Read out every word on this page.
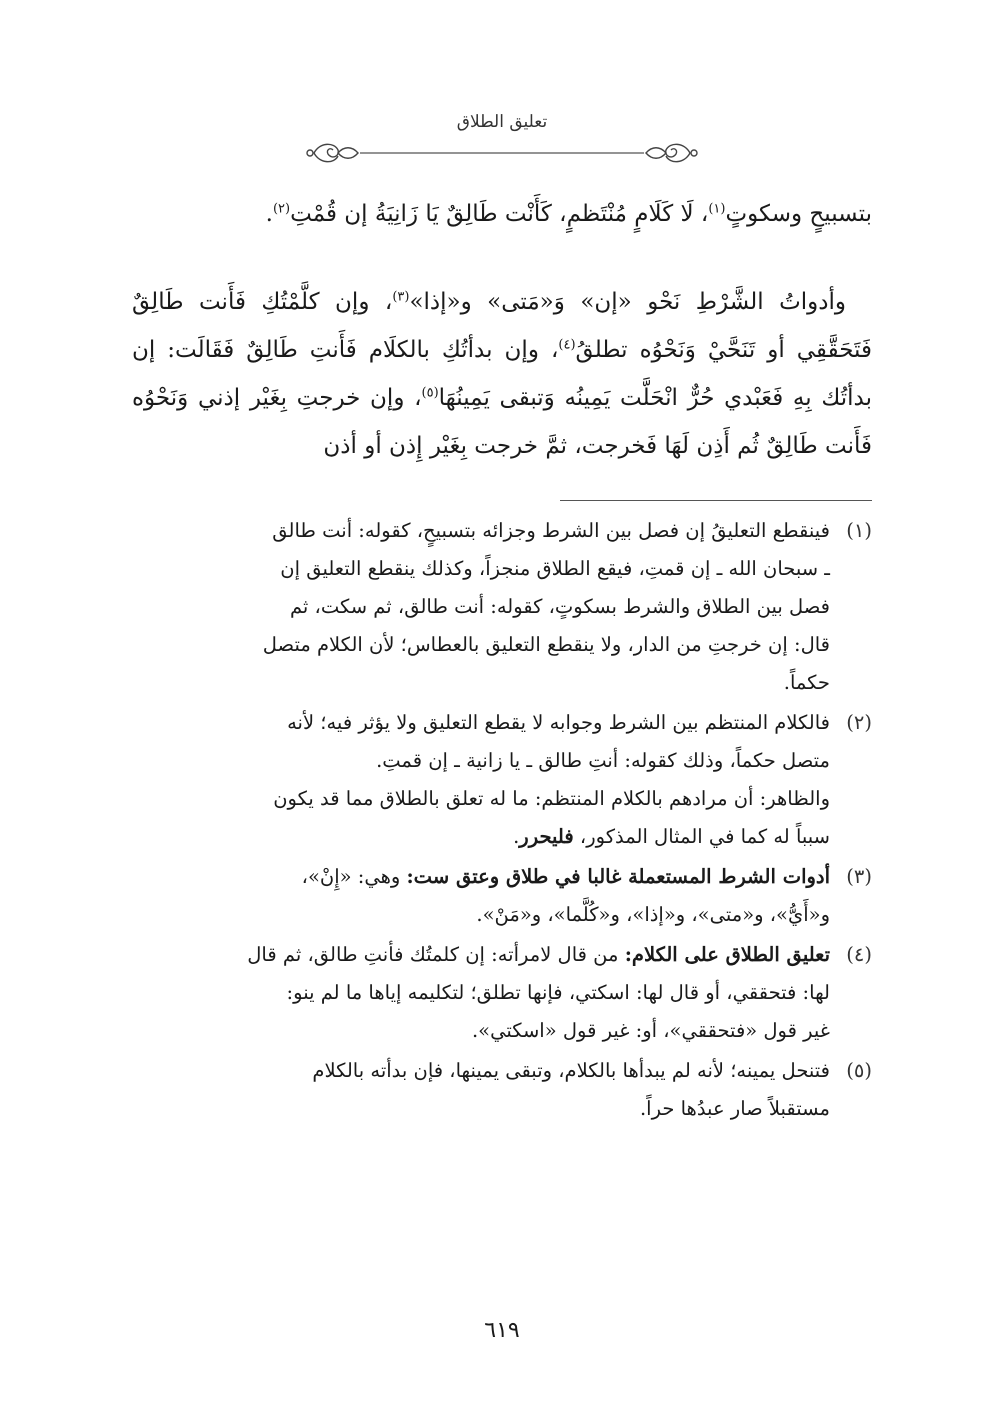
تعليق الطلاق

بتسبيحٍ وسكوتٍ$^{(١)}$، لَا كَلَامٍ مُنْتَظمٍ، كَأَنْت طَالِقٌ يَا زَانِيَةُ إن قُمْتِ$^{(٢)}$.

وأدواتُ الشَّرْطِ نَحْو «إن» وَ«مَتى» و«إذا»$^{(٣)}$، وإن كلَّمْتُكِ فَأَنت طَالِقٌ فَتَحَقَّقِي أو تَنَحَّيْ وَنَحْوُه تطلقُ$^{(٤)}$، وإن بدأتُكِ بالكلَام فَأَنتِ طَالِقٌ فَقَالَت: إن بدأتُك بِهِ فَعَبْدي حُرٌّ انْحَلَّت يَمِينُه وَتبقى يَمِينُهَا$^{(٥)}$، وإن خرجتِ بِغَيْر إذني وَنَحْوُه فَأَنت طَالِقٌ ثُم أَذِن لَهَا فَخرجت، ثمَّ خرجت بِغَيْر إِذن أو أذن

(١)
فينقطع التعليقُ إن فصل بين الشرط وجزائه بتسبيحٍ، كقوله: أنت طالق
ـ سبحان الله ـ إن قمتِ، فيقع الطلاق منجزاً، وكذلك ينقطع التعليق إن
فصل بين الطلاق والشرط بسكوتٍ، كقوله: أنت طالق، ثم سكت، ثم
قال: إن خرجتِ من الدار، ولا ينقطع التعليق بالعطاس؛ لأن الكلام متصل
حكماً.
(٢)
فالكلام المنتظم بين الشرط وجوابه لا يقطع التعليق ولا يؤثر فيه؛ لأنه
متصل حكماً، وذلك كقوله: أنتِ طالق ـ يا زانية ـ إن قمتِ.
والظاهر: أن مرادهم بالكلام المنتظم: ما له تعلق بالطلاق مما قد يكون
سبباً له كما في المثال المذكور، فليحرر.
(٣)
أدوات الشرط المستعملة غالبا في طلاق وعتق ست: وهي: «إِنْ»،
و«أَيُّ»، و«متى»، و«إذا»، و«كُلَّما»، و«مَنْ».
(٤)
تعليق الطلاق على الكلام: من قال لامرأته: إن كلمتُك فأنتِ طالق، ثم قال
لها: فتحققي، أو قال لها: اسكتي، فإنها تطلق؛ لتكليمه إياها ما لم ينو:
غير قول «فتحققي»، أو: غير قول «اسكتي».
(٥)
فتنحل يمينه؛ لأنه لم يبدأها بالكلام، وتبقى يمينها، فإن بدأته بالكلام
مستقبلاً صار عبدُها حراً.
٦١٩
